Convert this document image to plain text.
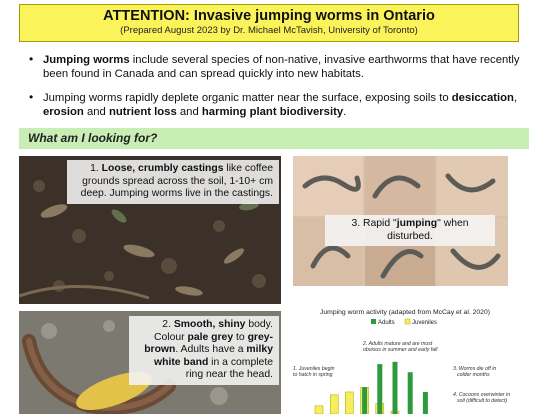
ATTENTION: Invasive jumping worms in Ontario
(Prepared August 2023 by Dr. Michael McTavish, University of Toronto)
• Jumping worms include several species of non-native, invasive earthworms that have recently been found in Canada and can spread quickly into new habitats.
• Jumping worms rapidly deplete organic matter near the surface, exposing soils to desiccation, erosion and nutrient loss and harming plant biodiversity.
What am I looking for?
1. Loose, crumbly castings like coffee grounds spread across the soil, 1-10+ cm deep. Jumping worms live in the castings.
3. Rapid "jumping" when disturbed.
2. Smooth, shiny body. Colour pale grey to grey-brown. Adults have a milky white band in a complete ring near the head.
Jumping worm activity (adapted from McCay et al. 2020)
Adults	Juveniles
1. Juveniles begin
to hatch in spring
2. Adults mature and are most
obvious in summer and early fall
3. Worms die off in
colder months
4. Cocoons overwinter in
soil (difficult to detect)
